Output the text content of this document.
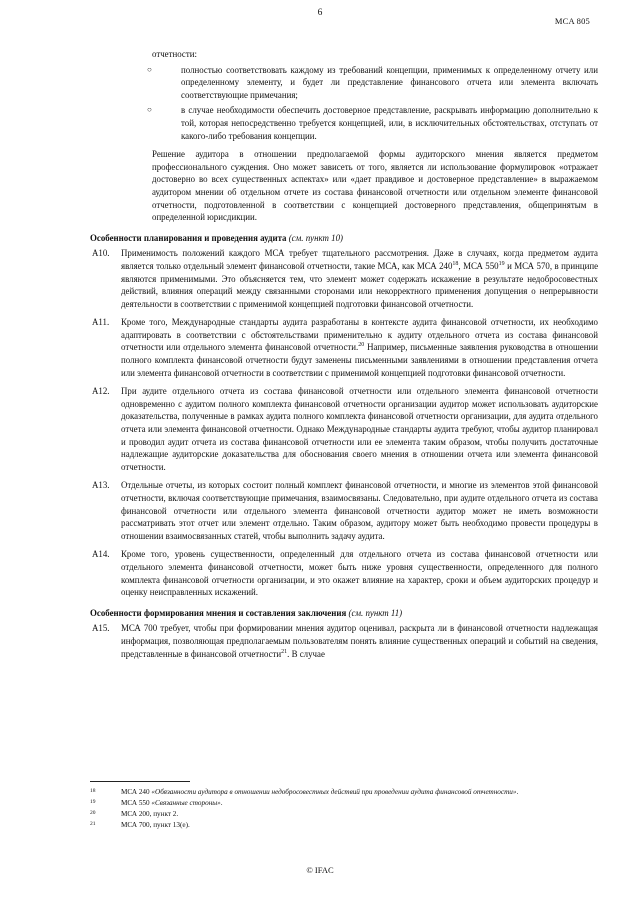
6
MCA 805

отчетности:

○	полностью соответствовать каждому из требований концепции, применимых к определенному отчету или определенному элементу, и будет ли представление финансового отчета или элемента включать соответствующие примечания;

○	в случае необходимости обеспечить достоверное представление, раскрывать информацию дополнительно к той, которая непосредственно требуется концепцией, или, в исключительных обстоятельствах, отступать от какого-либо требования концепции.

Решение аудитора в отношении предполагаемой формы аудиторского мнения является предметом профессионального суждения. Оно может зависеть от того, является ли использование формулировок «отражает достоверно во всех существенных аспектах» или «дает правдивое и достоверное представление» в выражаемом аудитором мнении об отдельном отчете из состава финансовой отчетности или отдельном элементе финансовой отчетности, подготовленной в соответствии с концепцией достоверного представления, общепринятым в определенной юрисдикции.

Особенности планирования и проведения аудита (см. пункт 10)
A10. Применимость положений каждого МСА требует тщательного рассмотрения. Даже в случаях, когда предметом аудита является только отдельный элемент финансовой отчетности, такие МСА, как МСА $240^{18}$, МСА $550^{19}$ и МСА 570, в принципе являются применимыми. Это объясняется тем, что элемент может содержать искажение в результате недобросовестных действий, влияния операций между связанными сторонами или некорректного применения допущения о непрерывности деятельности в соответствии с применимой концепцией подготовки финансовой отчетности.

A11. Кроме того, Международные стандарты аудита разработаны в контексте аудита финансовой отчетности, их необходимо адаптировать в соответствии с обстоятельствами применительно к аудиту отдельного отчета из состава финансовой отчетности или отдельного элемента финансовой отчетности.$^{20}$ Например, письменные заявления руководства в отношении полного комплекта финансовой отчетности будут заменены письменными заявлениями в отношении представления отчета или элемента финансовой отчетности в соответствии с применимой концепцией подготовки финансовой отчетности.

A12. При аудите отдельного отчета из состава финансовой отчетности или отдельного элемента финансовой отчетности одновременно с аудитом полного комплекта финансовой отчетности организации аудитор может использовать аудиторские доказательства, полученные в рамках аудита полного комплекта финансовой отчетности организации, для аудита отдельного отчета или элемента финансовой отчетности. Однако Международные стандарты аудита требуют, чтобы аудитор планировал и проводил аудит отчета из состава финансовой отчетности или ее элемента таким образом, чтобы получить достаточные надлежащие аудиторские доказательства для обоснования своего мнения в отношении отчета или элемента финансовой отчетности.

A13. Отдельные отчеты, из которых состоит полный комплект финансовой отчетности, и многие из элементов этой финансовой отчетности, включая соответствующие примечания, взаимосвязаны. Следовательно, при аудите отдельного отчета из состава финансовой отчетности или отдельного элемента финансовой отчетности аудитор может не иметь возможности рассматривать этот отчет или элемент отдельно. Таким образом, аудитору может быть необходимо провести процедуры в отношении взаимосвязанных статей, чтобы выполнить задачу аудита.

A14. Кроме того, уровень существенности, определенный для отдельного отчета из состава финансовой отчетности или отдельного элемента финансовой отчетности, может быть ниже уровня существенности, определенного для полного комплекта финансовой отчетности организации, и это окажет влияние на характер, сроки и объем аудиторских процедур и оценку неисправленных искажений.

Особенности формирования мнения и составления заключения (см. пункт 11)
A15. МСА 700 требует, чтобы при формировании мнения аудитор оценивал, раскрыта ли в финансовой отчетности надлежащая информация, позволяющая предполагаемым пользователям понять влияние существенных операций и событий на сведения, представленные в финансовой отчетности$^{21}$. В случае

18	МСА 240 «Обязанности аудитора в отношении недобросовестных действий при проведении аудита финансовой отчетности».
19	МСА 550 «Связанные стороны».
20	МСА 200, пункт 2.
21	МСА 700, пункт 13(e).
© IFAC
